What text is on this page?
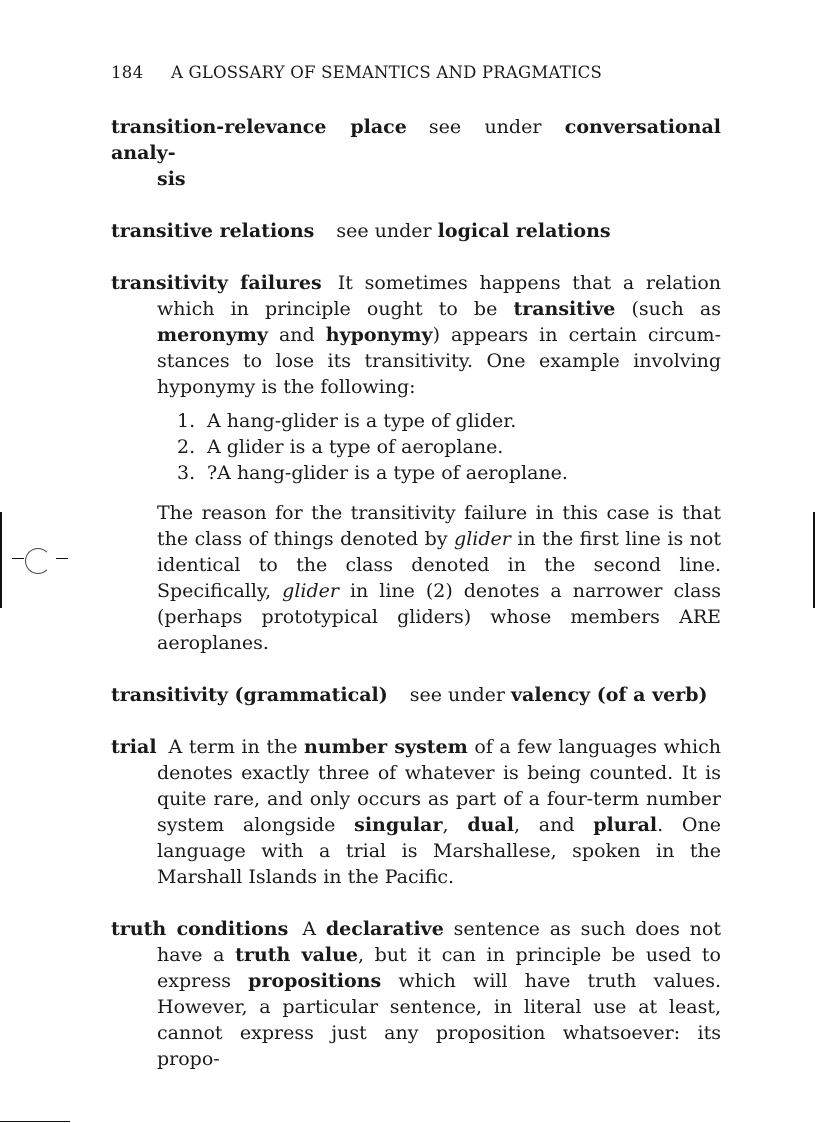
184 A GLOSSARY OF SEMANTICS AND PRAGMATICS
transition-relevance place see under conversational analy-
sis
transitive relations see under logical relations
transitivity failures It sometimes happens that a relation
which in principle ought to be transitive (such as
meronymy and hyponymy) appears in certain circum-
stances to lose its transitivity. One example involving
hyponymy is the following:
1. A hang-glider is a type of glider.
2. A glider is a type of aeroplane.
3. ?A hang-glider is a type of aeroplane.
The reason for the transitivity failure in this case is that the class of things denoted by glider in the first line is not identical to the class denoted in the second line. Specifically, glider in line (2) denotes a narrower class (perhaps prototypical gliders) whose members ARE aeroplanes.
transitivity (grammatical) see under valency (of a verb)
trial A term in the number system of a few languages which denotes exactly three of whatever is being counted. It is quite rare, and only occurs as part of a four-term number system alongside singular, dual, and plural. One language with a trial is Marshallese, spoken in the Marshall Islands in the Pacific.
truth conditions A declarative sentence as such does not have a truth value, but it can in principle be used to express propositions which will have truth values. However, a particular sentence, in literal use at least, cannot express just any proposition whatsoever: its propo-
